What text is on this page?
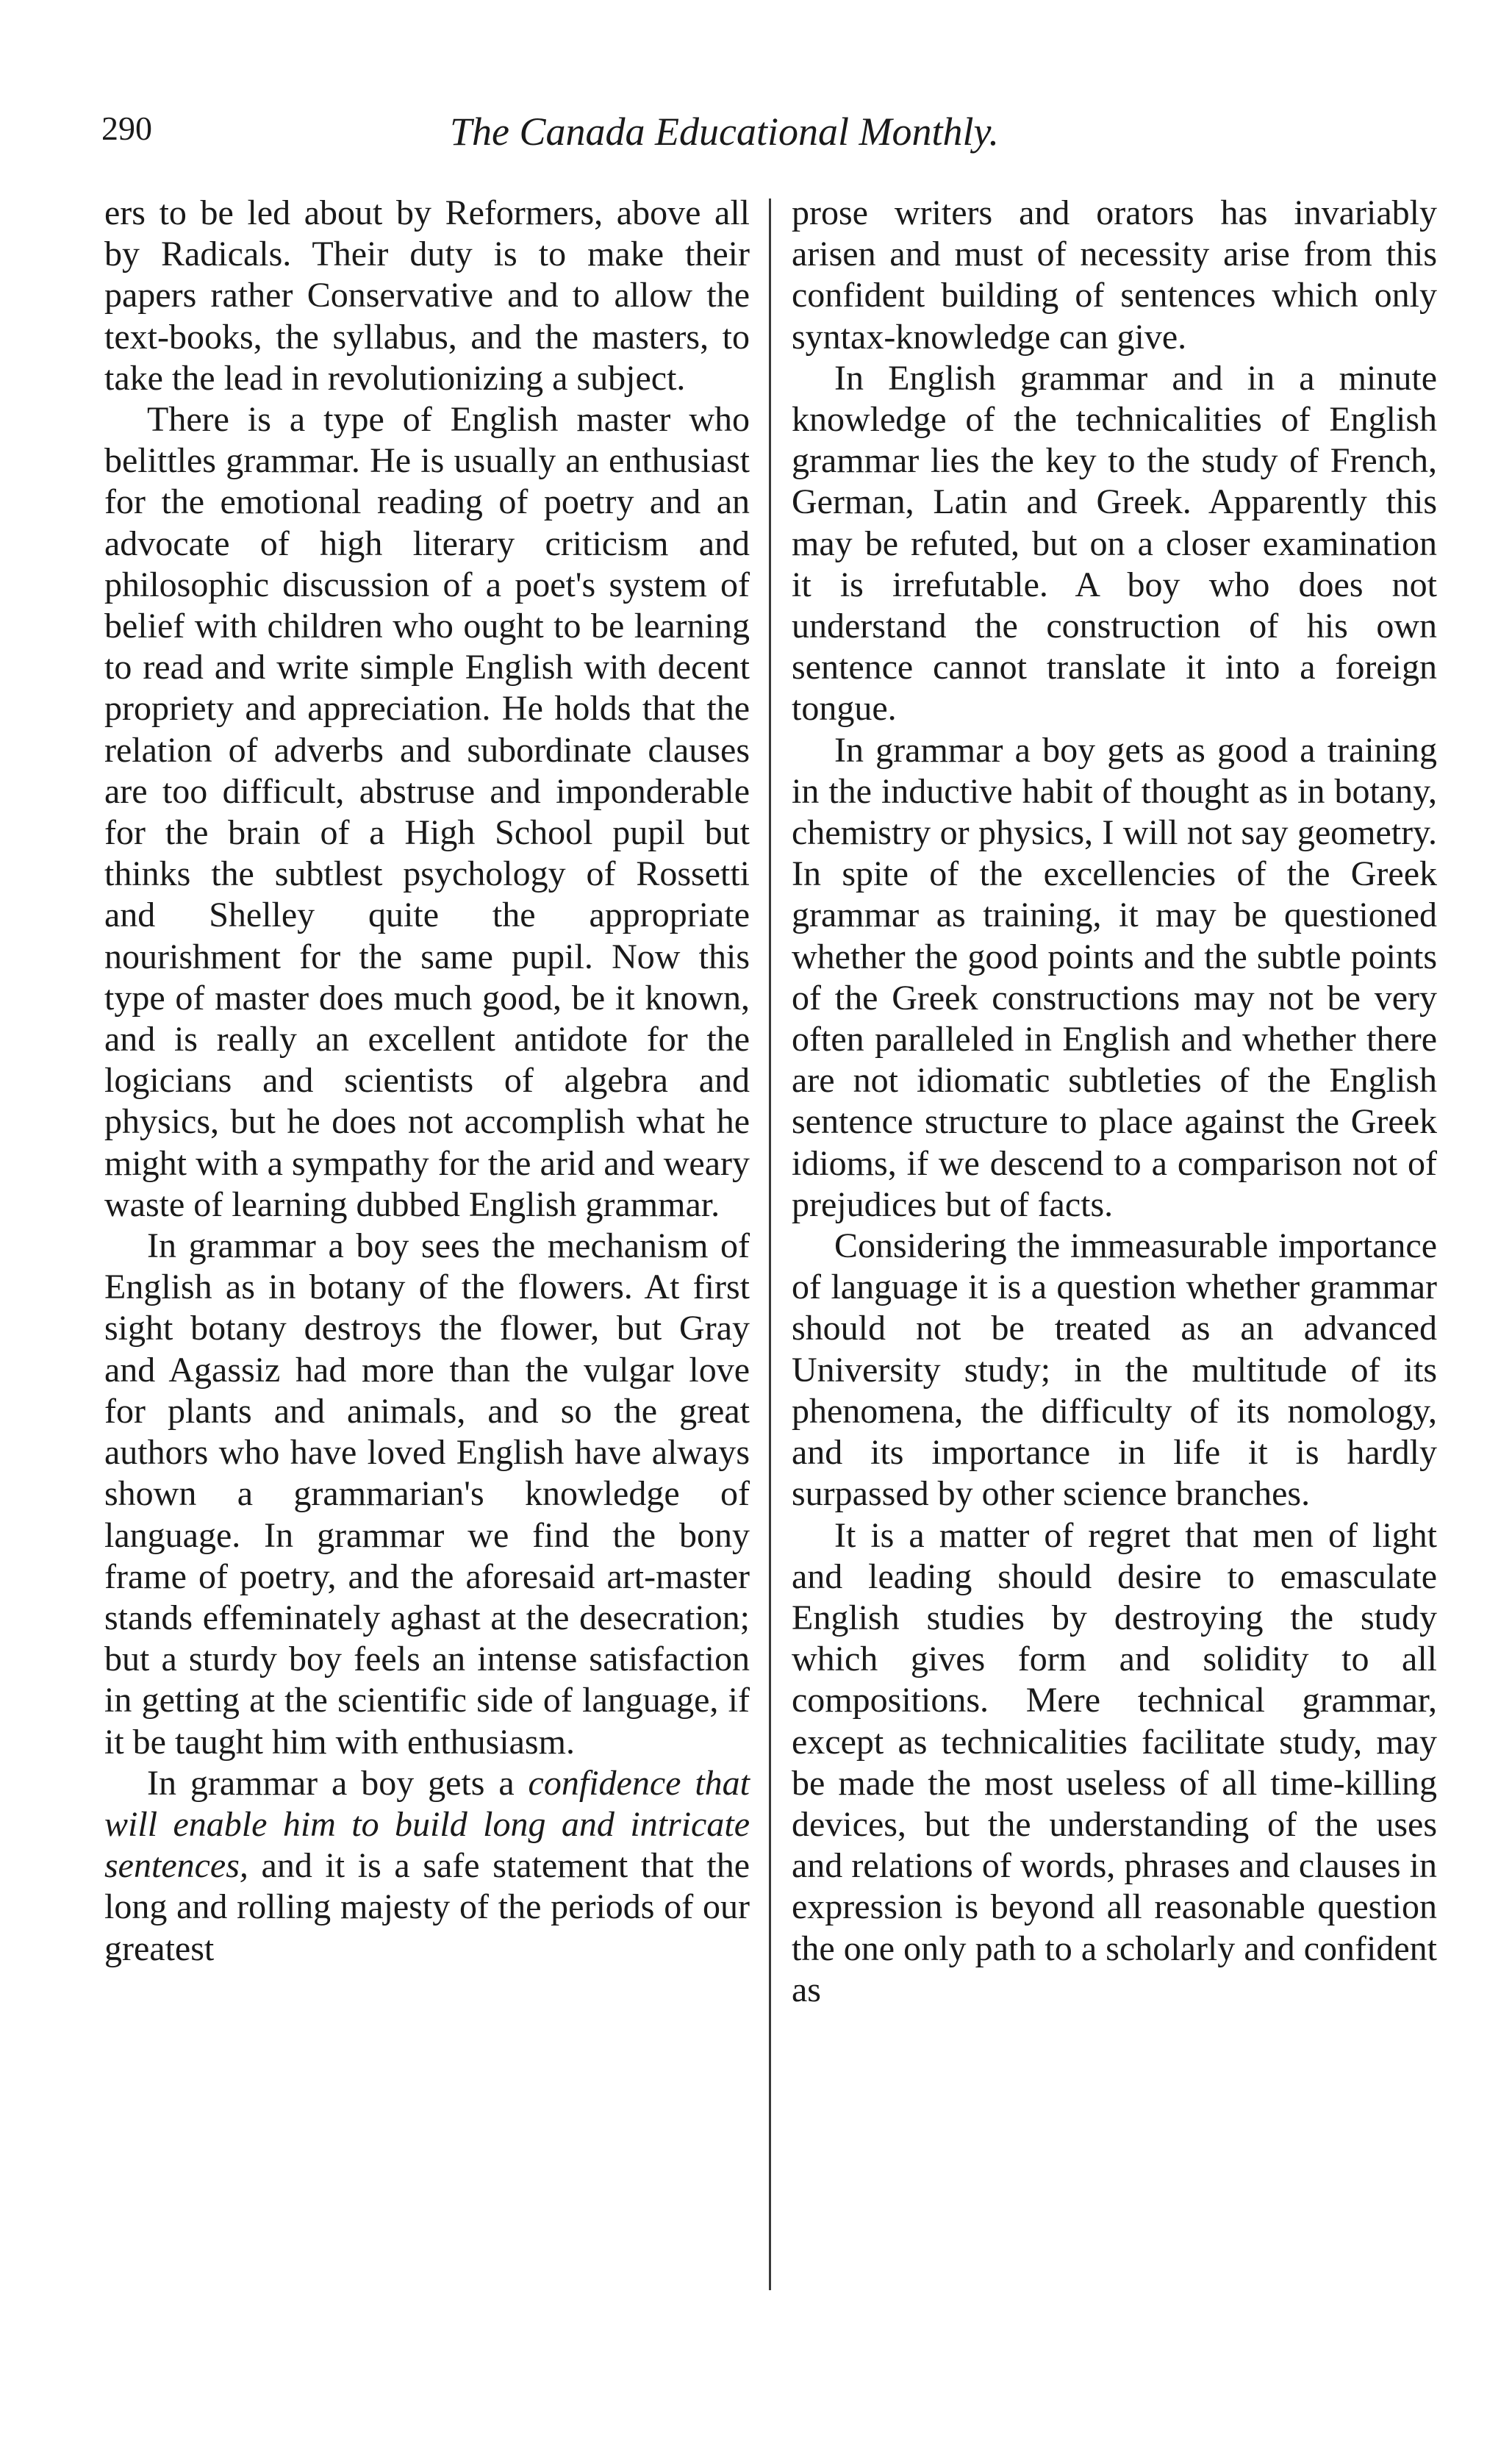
290	The Canada Educational Monthly.

ers to be led about by Reformers, above all by Radicals. Their duty is to make their papers rather Conservative and to allow the text-books, the syllabus, and the masters, to take the lead in revolutionizing a subject.

There is a type of English master who belittles grammar. He is usually an enthusiast for the emotional reading of poetry and an advocate of high literary criticism and philosophic discussion of a poet's system of belief with children who ought to be learning to read and write simple English with decent propriety and appreciation. He holds that the relation of adverbs and subordinate clauses are too difficult, abstruse and imponderable for the brain of a High School pupil but thinks the subtlest psychology of Rossetti and Shelley quite the appropriate nourishment for the same pupil. Now this type of master does much good, be it known, and is really an excellent antidote for the logicians and scientists of algebra and physics, but he does not accomplish what he might with a sympathy for the arid and weary waste of learning dubbed English grammar.

In grammar a boy sees the mechanism of English as in botany of the flowers. At first sight botany destroys the flower, but Gray and Agassiz had more than the vulgar love for plants and animals, and so the great authors who have loved English have always shown a grammarian's knowledge of language. In grammar we find the bony frame of poetry, and the aforesaid art-master stands effeminately aghast at the desecration; but a sturdy boy feels an intense satisfaction in getting at the scientific side of language, if it be taught him with enthusiasm.

In grammar a boy gets a confidence that will enable him to build long and intricate sentences, and it is a safe statement that the long and rolling majesty of the periods of our greatest

prose writers and orators has invariably arisen and must of necessity arise from this confident building of sentences which only syntax-knowledge can give.

In English grammar and in a minute knowledge of the technicalities of English grammar lies the key to the study of French, German, Latin and Greek. Apparently this may be refuted, but on a closer examination it is irrefutable. A boy who does not understand the construction of his own sentence cannot translate it into a foreign tongue.

In grammar a boy gets as good a training in the inductive habit of thought as in botany, chemistry or physics, I will not say geometry. In spite of the excellencies of the Greek grammar as training, it may be questioned whether the good points and the subtle points of the Greek constructions may not be very often paralleled in English and whether there are not idiomatic subtleties of the English sentence structure to place against the Greek idioms, if we descend to a comparison not of prejudices but of facts.

Considering the immeasurable importance of language it is a question whether grammar should not be treated as an advanced University study; in the multitude of its phenomena, the difficulty of its nomology, and its importance in life it is hardly surpassed by other science branches.

It is a matter of regret that men of light and leading should desire to emasculate English studies by destroying the study which gives form and solidity to all compositions. Mere technical grammar, except as technicalities facilitate study, may be made the most useless of all time-killing devices, but the understanding of the uses and relations of words, phrases and clauses in expression is beyond all reasonable question the one only path to a scholarly and confident as
